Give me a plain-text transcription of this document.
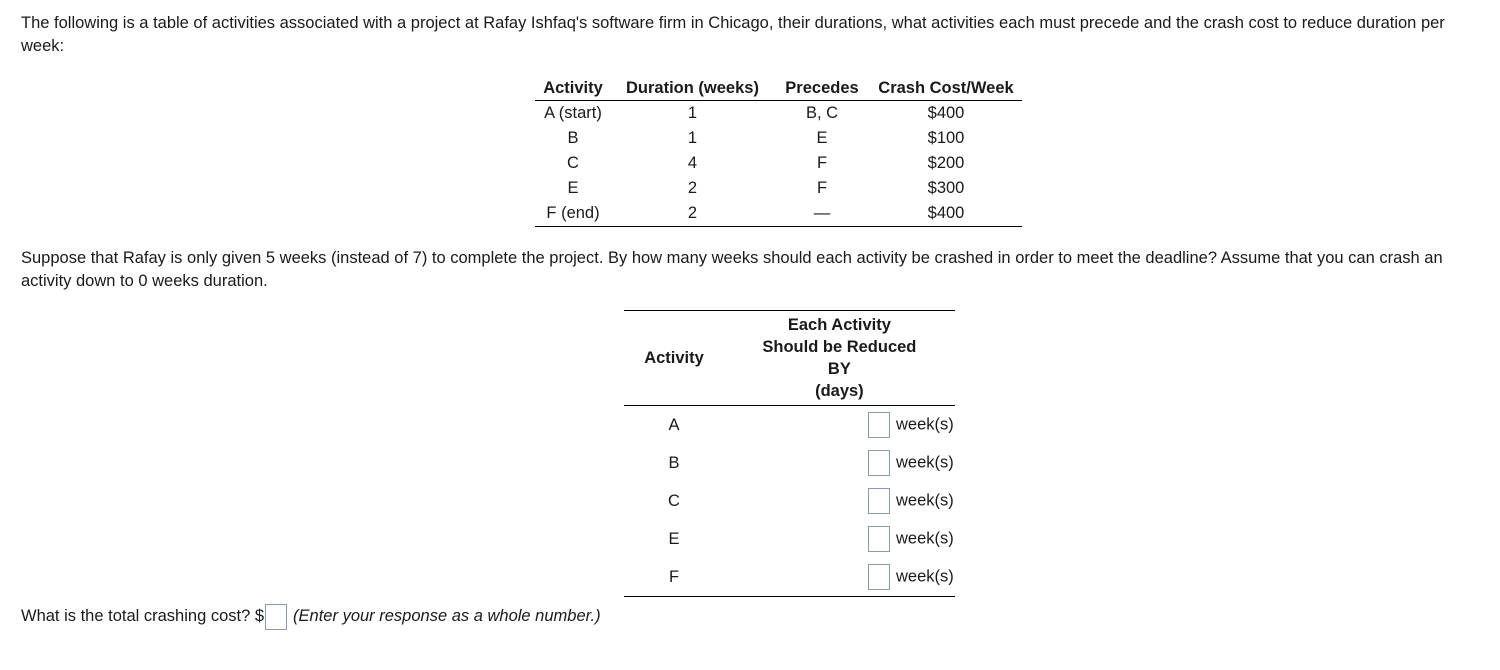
The following is a table of activities associated with a project at Rafay Ishfaq's software firm in Chicago, their durations, what activities each must precede and the crash cost to reduce duration per week:
Activity	Duration (weeks)	Precedes	Crash Cost/Week
A (start)	1	B, C	$400
B	1	E	$100
C	4	F	$200
E	2	F	$300
F (end)	2	—	$400
Suppose that Rafay is only given 5 weeks (instead of 7) to complete the project. By how many weeks should each activity be crashed in order to meet the deadline? Assume that you can crash an activity down to 0 weeks duration.
Activity	Each Activity
Should be Reduced
BY
(days)

A	week(s)
B	week(s)
C	week(s)
E	week(s)
F	week(s)
What is the total crashing cost? $ (Enter your response as a whole number.)
